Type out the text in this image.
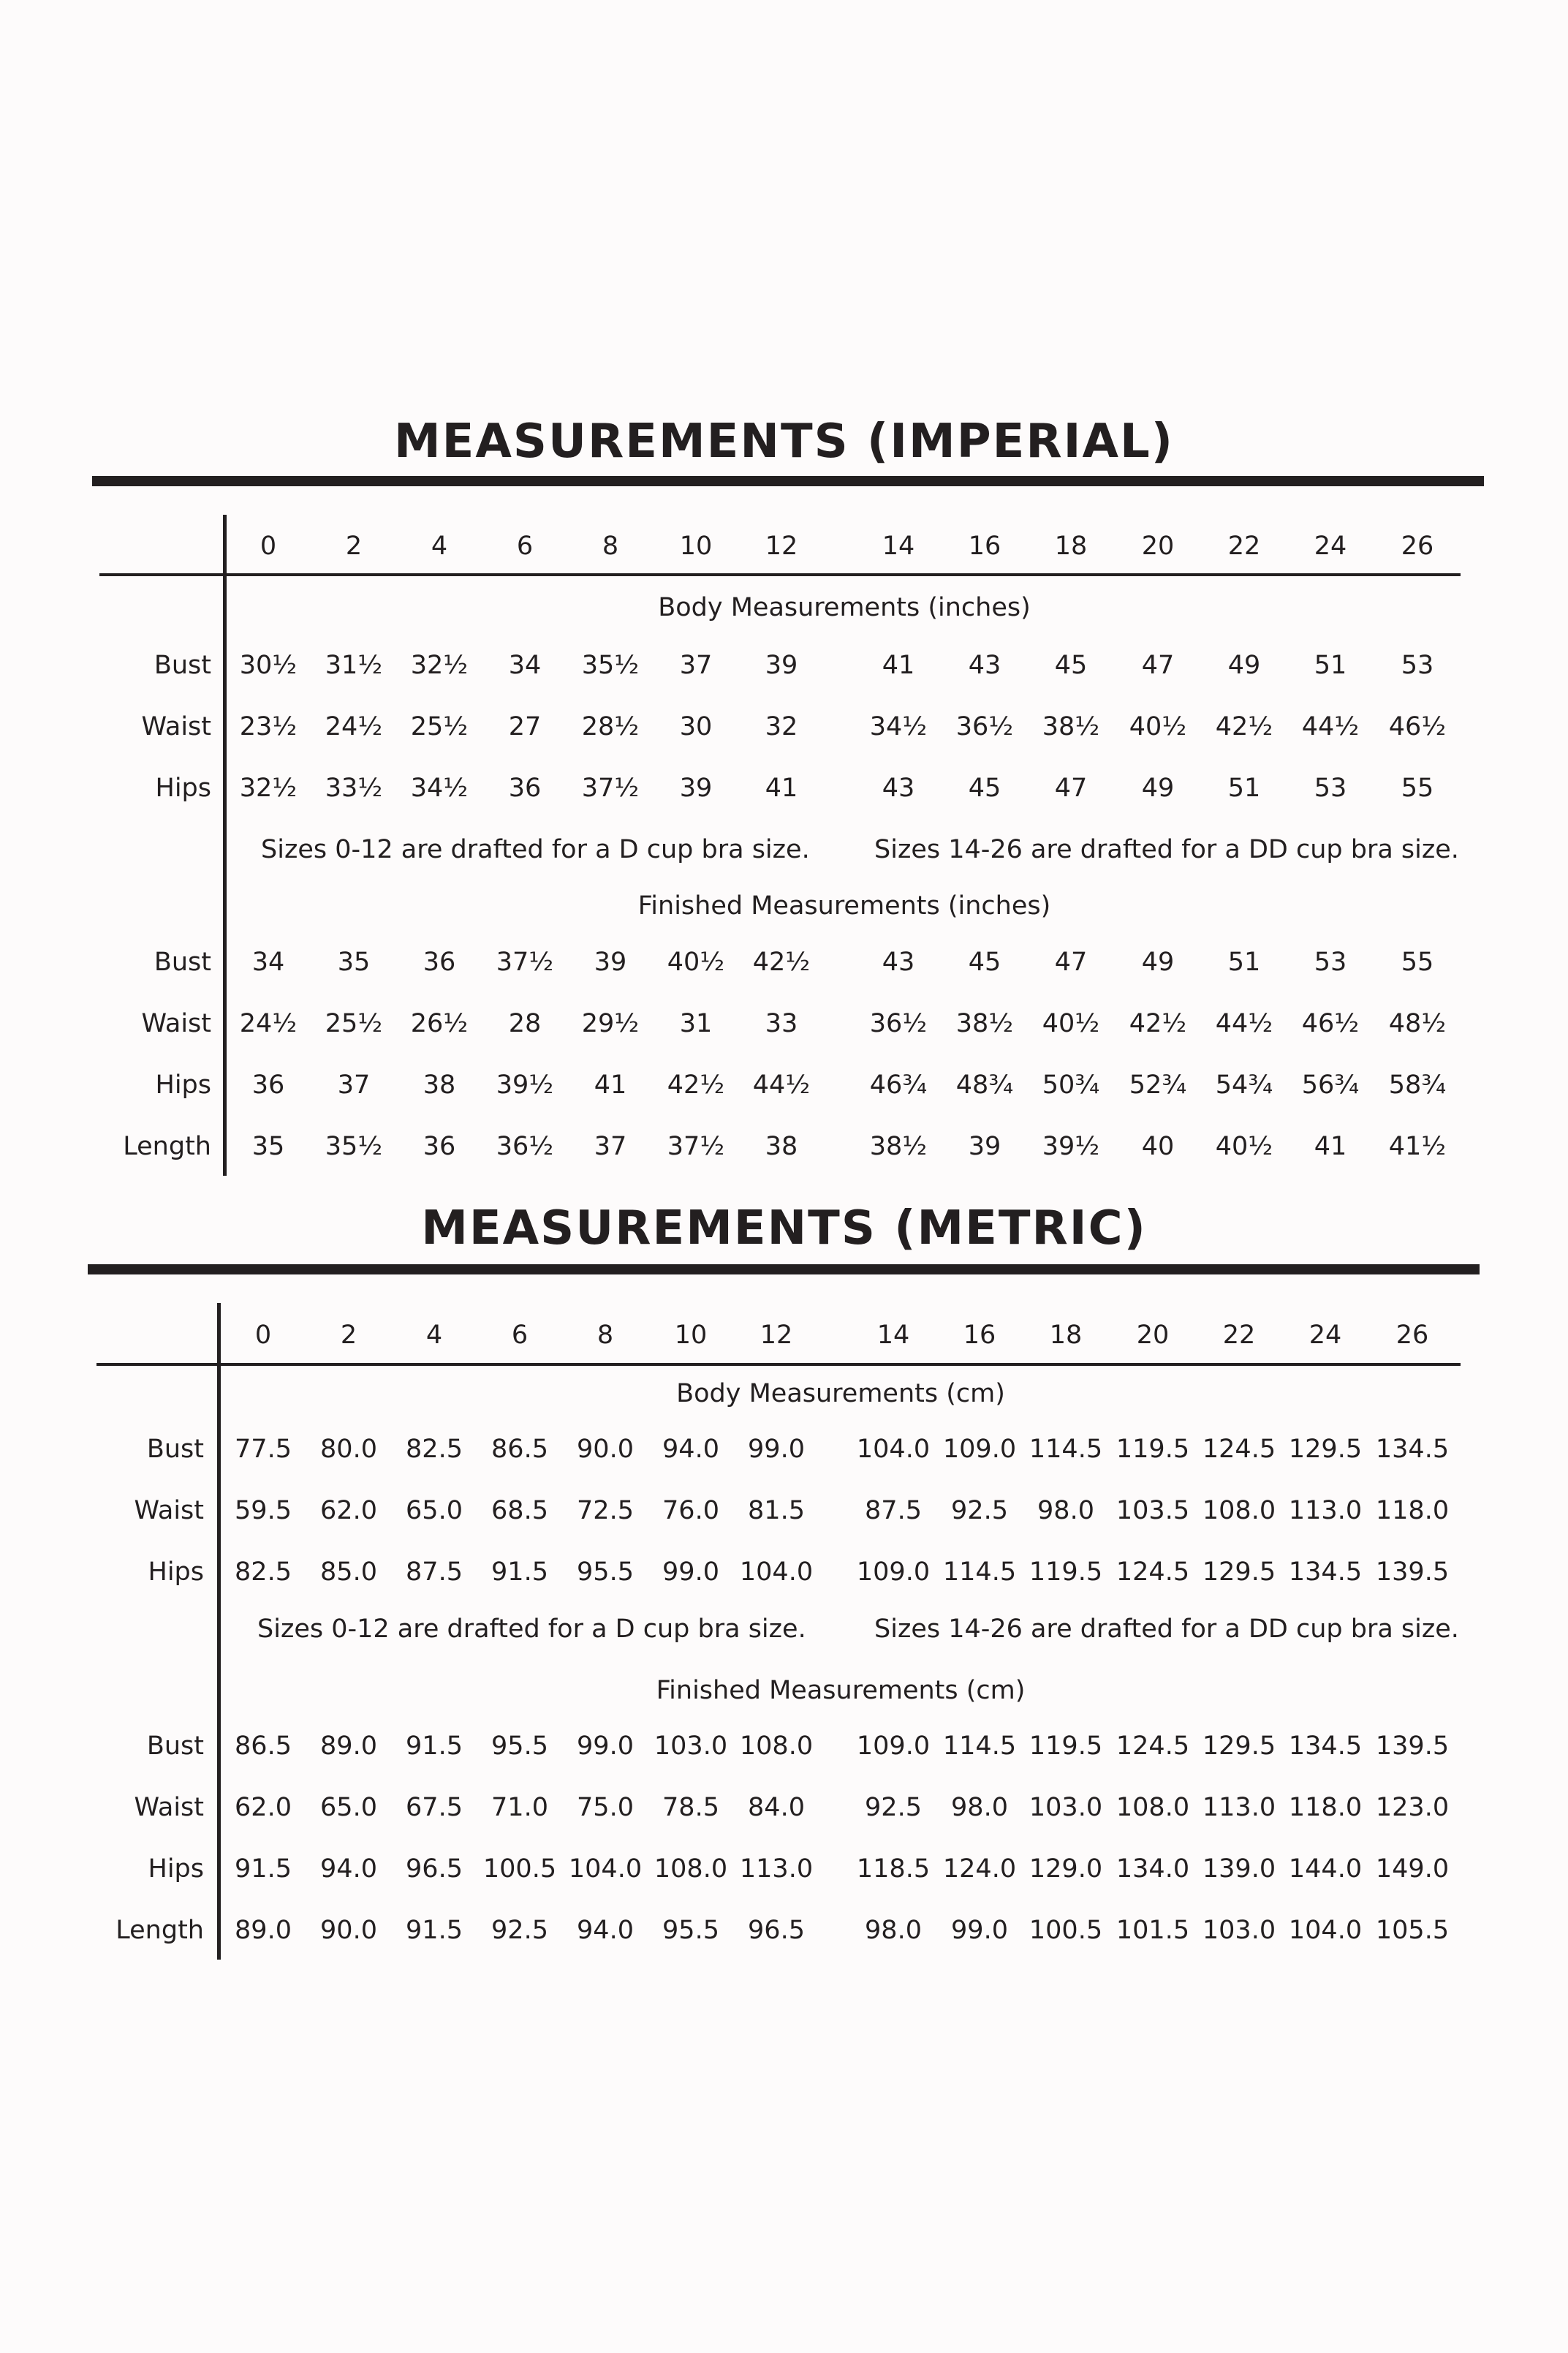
MEASUREMENTS (IMPERIAL)
0	2	4	6	8 10 12	14 16 18 20 22 24 26
Body Measurements (inches)
Finished Measurements (inches)
Sizes 0-12 are drafted for a D cup bra size.	Sizes 14-26 are drafted for a DD cup bra size.
Bust 30½ 31½ 32½ 34 35½ 37 39	41 43 45 47 49 51 53
Waist 23½ 24½ 25½ 27 28½ 30 32	34½ 36½ 38½ 40½ 42½ 44½ 46½
Hips 32½ 33½ 34½ 36 37½ 39 41	43 45 47 49 51 53 55
Bust 34 35 36 37½ 39 40½ 42½	43 45 47 49 51 53 55
Waist 24½ 25½ 26½ 28 29½ 31 33	36½ 38½ 40½ 42½ 44½ 46½ 48½
Hips 36 37 38 39½ 41 42½ 44½ 46¾ 48¾ 50¾ 52¾ 54¾ 56¾ 58¾
Length 35 35½ 36 36½ 37 37½ 38	38½ 39 39½ 40 40½ 41 41½
MEASUREMENTS (METRIC)
0	2	4	6	8 10 12	14 16 18 20 22 24 26
Body Measurements (cm)
Finished Measurements (cm)
Sizes 0-12 are drafted for a D cup bra size.	Sizes 14-26 are drafted for a DD cup bra size.
Bust 77.5 80.0 82.5 86.5 90.0 94.0 99.0 104.0 109.0 114.5 119.5 124.5 129.5 134.5
Waist 59.5 62.0 65.0 68.5 72.5 76.0 81.5 87.5 92.5 98.0 103.5 108.0 113.0 118.0
Hips 82.5 85.0 87.5 91.5 95.5 99.0 104.0 109.0 114.5 119.5 124.5 129.5 134.5 139.5
Bust 86.5 89.0 91.5 95.5 99.0 103.0 108.0 109.0 114.5 119.5 124.5 129.5 134.5 139.5
Waist 62.0 65.0 67.5 71.0 75.0 78.5 84.0 92.5 98.0 103.0 108.0 113.0 118.0 123.0
Hips 91.5 94.0 96.5 100.5 104.0 108.0 113.0 118.5 124.0 129.0 134.0 139.0 144.0 149.0
Length 89.0 90.0 91.5 92.5 94.0 95.5 96.5 98.0 99.0 100.5 101.5 103.0 104.0 105.5
